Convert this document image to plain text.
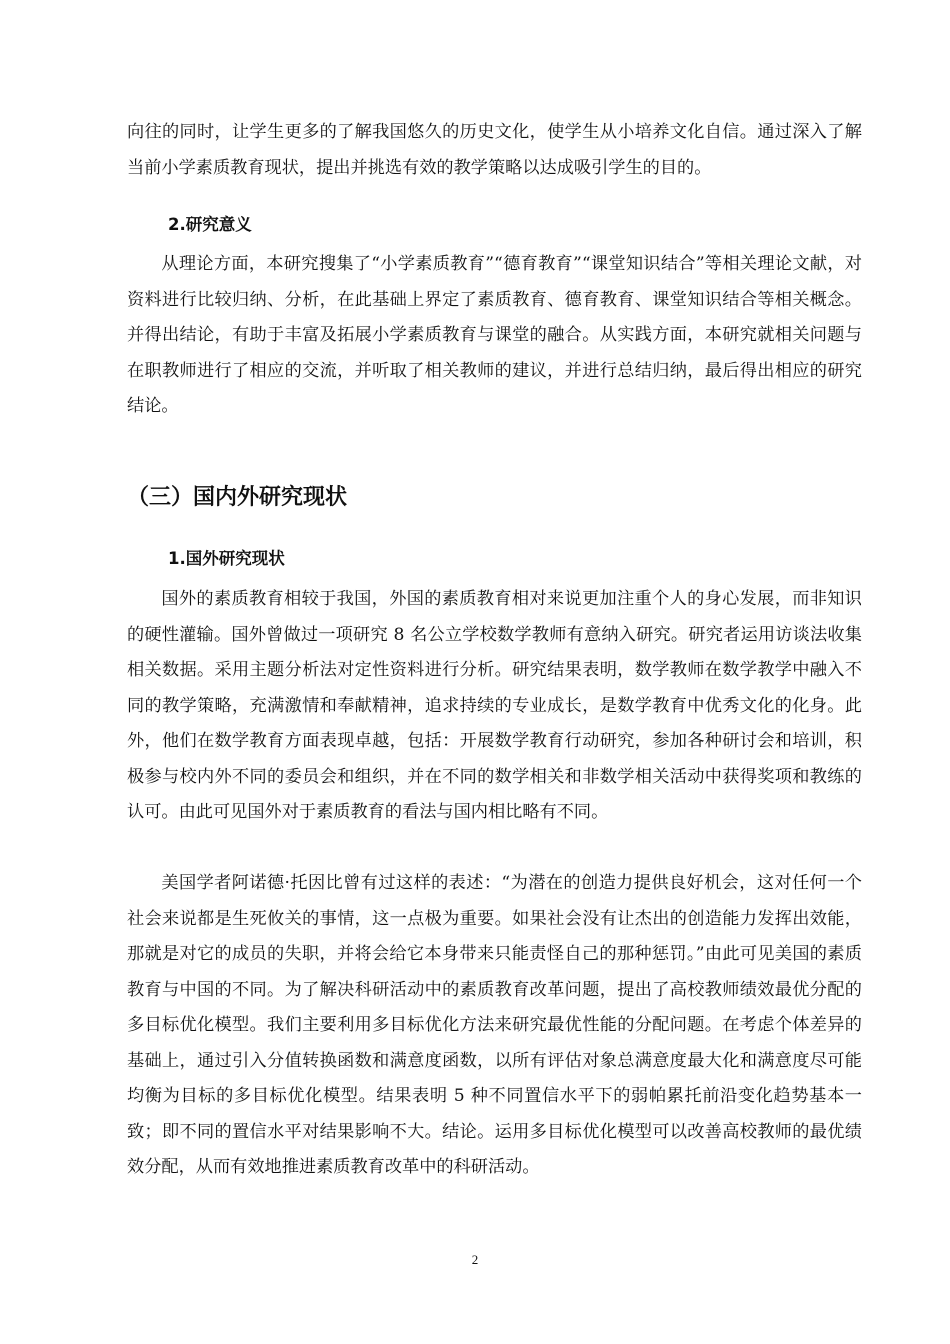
向往的同时，让学生更多的了解我国悠久的历史文化，使学生从小培养文化自信。通过深入了解当前小学素质教育现状，提出并挑选有效的教学策略以达成吸引学生的目的。

2.研究意义

从理论方面，本研究搜集了“小学素质教育”“德育教育”“课堂知识结合”等相关理论文献，对资料进行比较归纳、分析，在此基础上界定了素质教育、德育教育、课堂知识结合等相关概念。并得出结论，有助于丰富及拓展小学素质教育与课堂的融合。从实践方面，本研究就相关问题与在职教师进行了相应的交流，并听取了相关教师的建议，并进行总结归纳，最后得出相应的研究结论。

（三）国内外研究现状
1.国外研究现状

国外的素质教育相较于我国，外国的素质教育相对来说更加注重个人的身心发展，而非知识的硬性灌输。国外曾做过一项研究 8 名公立学校数学教师有意纳入研究。研究者运用访谈法收集相关数据。采用主题分析法对定性资料进行分析。研究结果表明，数学教师在数学教学中融入不同的教学策略，充满激情和奉献精神，追求持续的专业成长，是数学教育中优秀文化的化身。此外，他们在数学教育方面表现卓越，包括：开展数学教育行动研究，参加各种研讨会和培训，积极参与校内外不同的委员会和组织，并在不同的数学相关和非数学相关活动中获得奖项和教练的认可。由此可见国外对于素质教育的看法与国内相比略有不同。

美国学者阿诺德·托因比曾有过这样的表述：“为潜在的创造力提供良好机会，这对任何一个社会来说都是生死攸关的事情，这一点极为重要。如果社会没有让杰出的创造能力发挥出效能，那就是对它的成员的失职，并将会给它本身带来只能责怪自己的那种惩罚。”由此可见美国的素质教育与中国的不同。为了解决科研活动中的素质教育改革问题，提出了高校教师绩效最优分配的多目标优化模型。我们主要利用多目标优化方法来研究最优性能的分配问题。在考虑个体差异的基础上，通过引入分值转换函数和满意度函数，以所有评估对象总满意度最大化和满意度尽可能均衡为目标的多目标优化模型。结果表明 5 种不同置信水平下的弱帕累托前沿变化趋势基本一致；即不同的置信水平对结果影响不大。结论。运用多目标优化模型可以改善高校教师的最优绩效分配，从而有效地推进素质教育改革中的科研活动。

2
